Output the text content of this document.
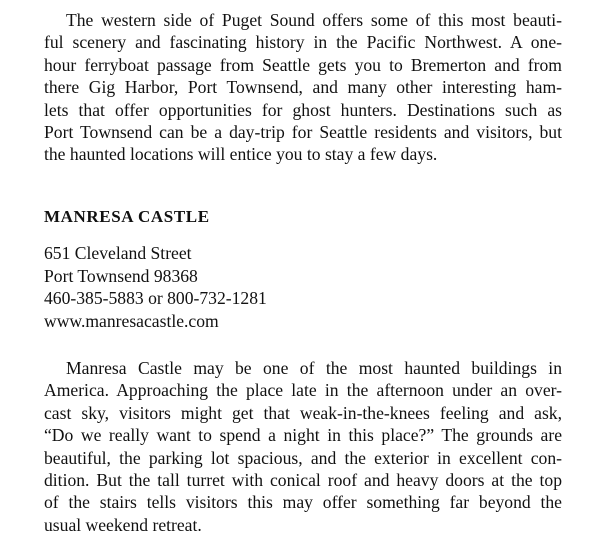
The western side of Puget Sound offers some of this most beauti-
ful scenery and fascinating history in the Pacific Northwest. A one-
hour ferryboat passage from Seattle gets you to Bremerton and from
there Gig Harbor, Port Townsend, and many other interesting ham-
lets that offer opportunities for ghost hunters. Destinations such as
Port Townsend can be a day-trip for Seattle residents and visitors, but
the haunted locations will entice you to stay a few days.
MANRESA CASTLE
651 Cleveland Street
Port Townsend 98368
460-385-5883 or 800-732-1281
www.manresacastle.com
Manresa Castle may be one of the most haunted buildings in
America. Approaching the place late in the afternoon under an over-
cast sky, visitors might get that weak-in-the-knees feeling and ask,
“Do we really want to spend a night in this place?” The grounds are
beautiful, the parking lot spacious, and the exterior in excellent con-
dition. But the tall turret with conical roof and heavy doors at the top
of the stairs tells visitors this may offer something far beyond the
usual weekend retreat.
